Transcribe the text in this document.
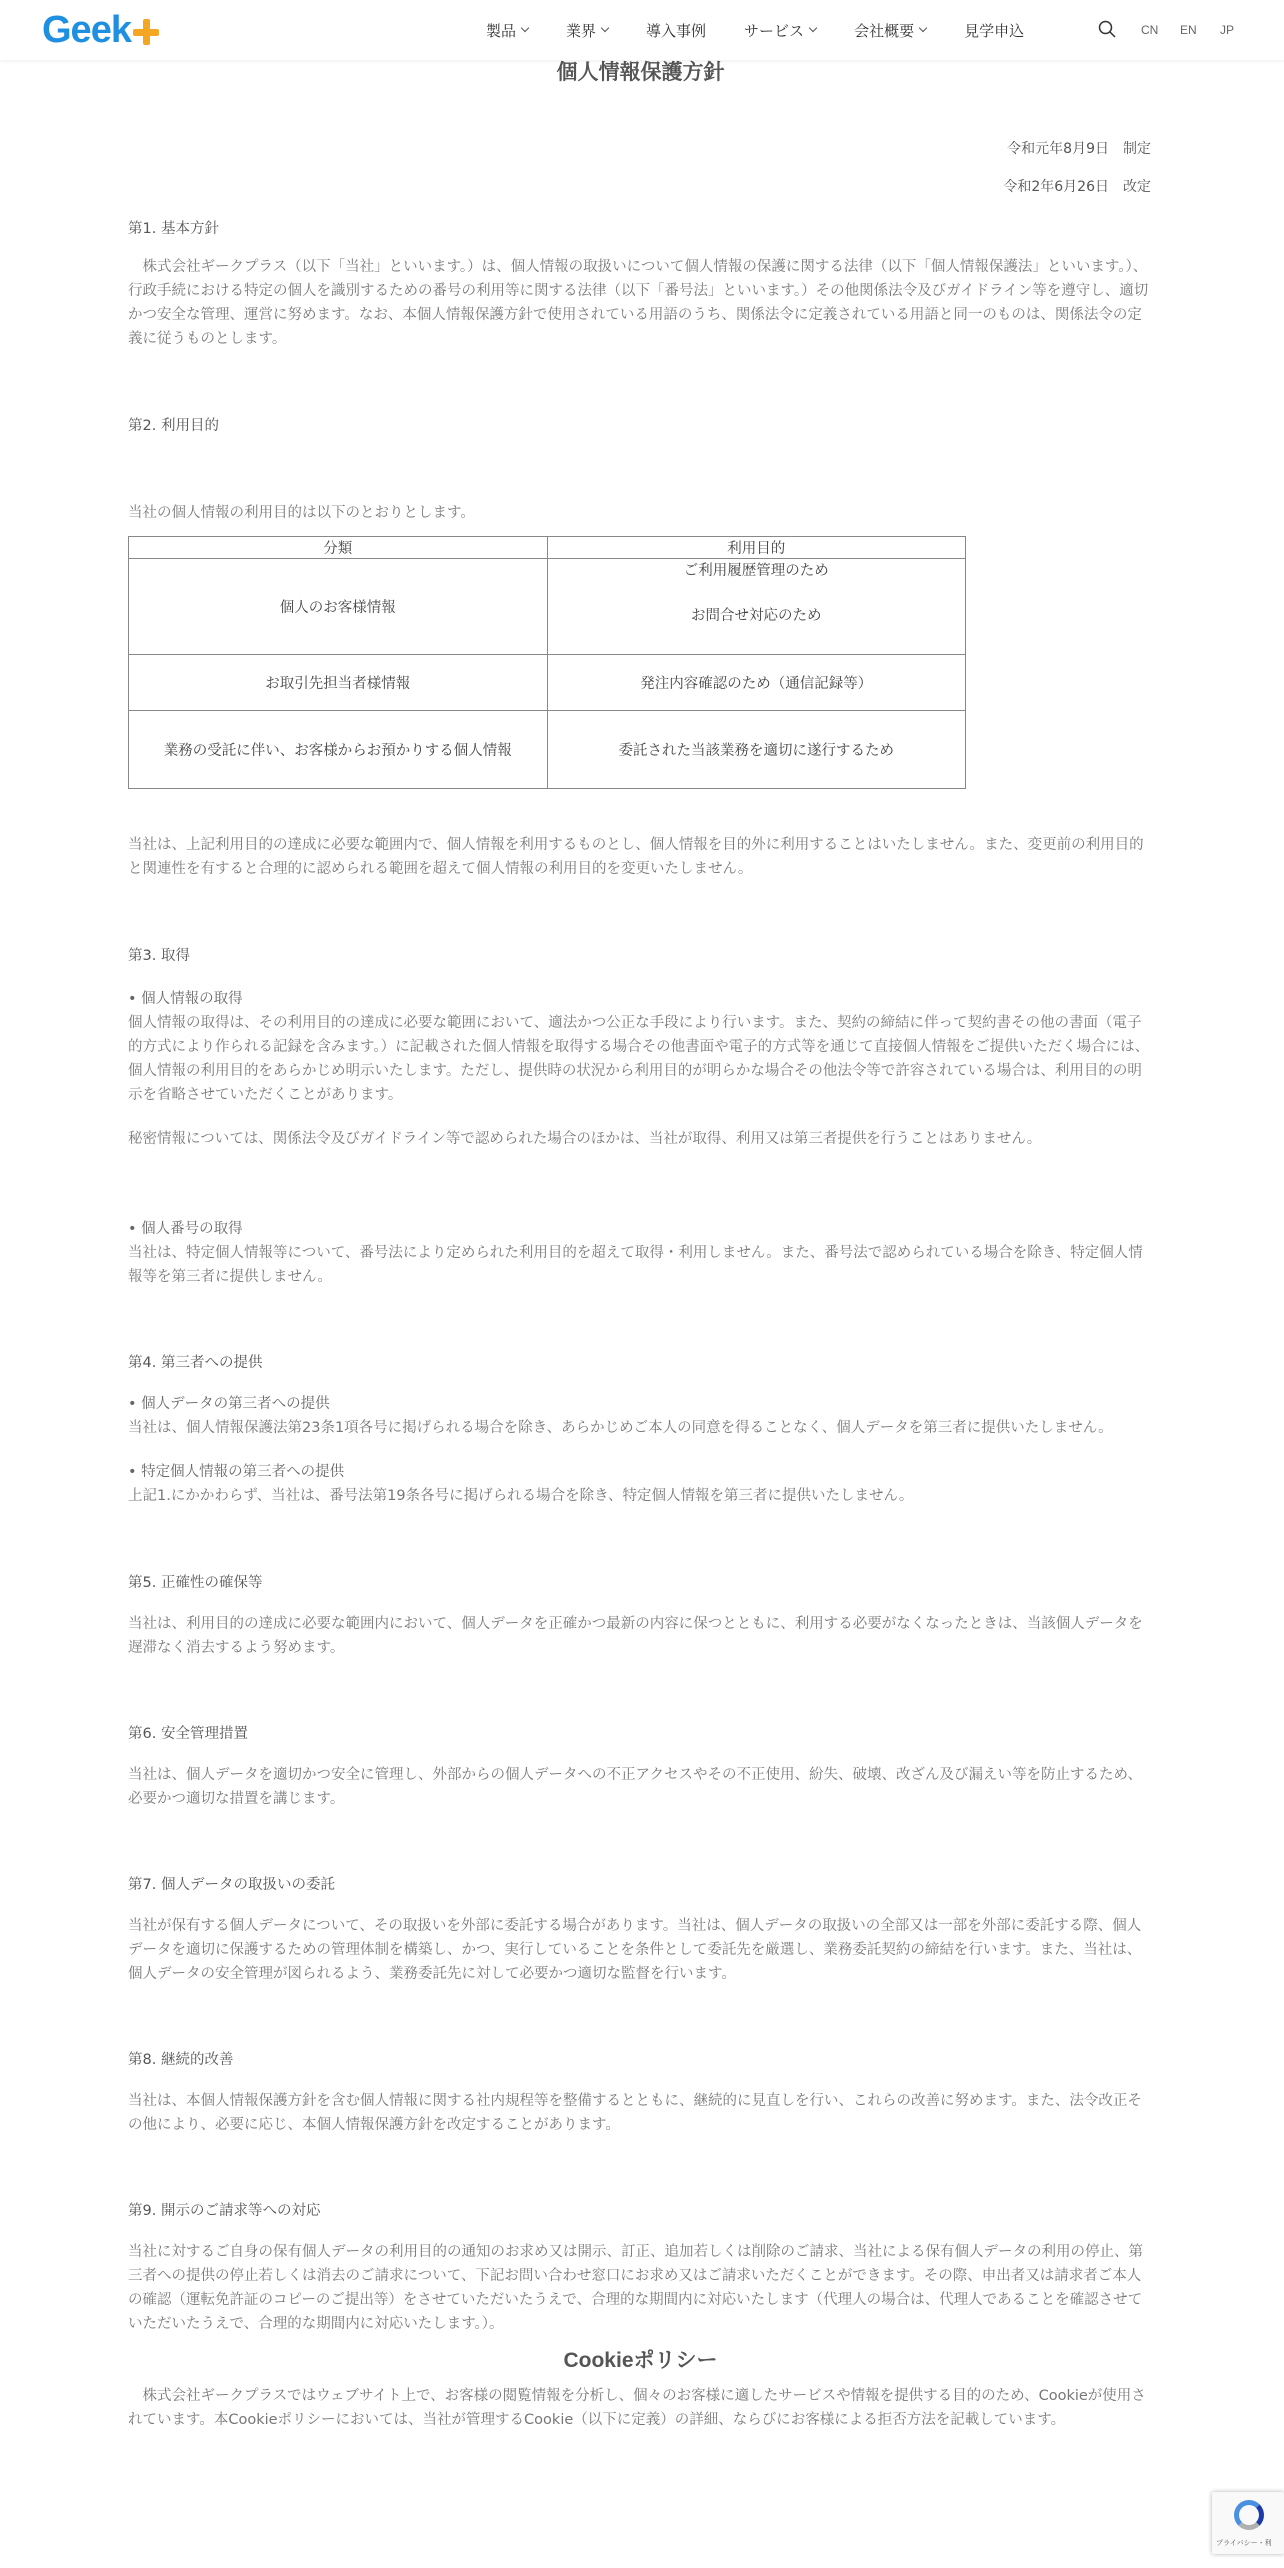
Geek	製品	業界	導入事例	サービス	会社概要	見学申込	CN EN JP
個人情報保護方針

令和元年8月9日　制定

令和2年6月26日　改定

第1. 基本方針

　株式会社ギークプラス（以下「当社」といいます。）は、個人情報の取扱いについて個人情報の保護に関する法律（以下「個人情報保護法」といいます。）、行政手続における特定の個人を識別するための番号の利用等に関する法律（以下「番号法」といいます。）その他関係法令及びガイドライン等を遵守し、適切かつ安全な管理、運営に努めます。なお、本個人情報保護方針で使用されている用語のうち、関係法令に定義されている用語と同一のものは、関係法令の定義に従うものとします。

第2. 利用目的

当社の個人情報の利用目的は以下のとおりとします。

分類	利用目的
個人のお客様情報	ご利用履歴管理のため
お問合せ対応のため

お取引先担当者様情報	発注内容確認のため（通信記録等）
業務の受託に伴い、お客様からお預かりする個人情報	委託された当該業務を適切に遂行するため

当社は、上記利用目的の達成に必要な範囲内で、個人情報を利用するものとし、個人情報を目的外に利用することはいたしません。また、変更前の利用目的と関連性を有すると合理的に認められる範囲を超えて個人情報の利用目的を変更いたしません。

第3. 取得

• 個人情報の取得

個人情報の取得は、その利用目的の達成に必要な範囲において、適法かつ公正な手段により行います。また、契約の締結に伴って契約書その他の書面（電子的方式により作られる記録を含みます。）に記載された個人情報を取得する場合その他書面や電子的方式等を通じて直接個人情報をご提供いただく場合には、個人情報の利用目的をあらかじめ明示いたします。ただし、提供時の状況から利用目的が明らかな場合その他法令等で許容されている場合は、利用目的の明示を省略させていただくことがあります。

秘密情報については、関係法令及びガイドライン等で認められた場合のほかは、当社が取得、利用又は第三者提供を行うことはありません。

• 個人番号の取得

当社は、特定個人情報等について、番号法により定められた利用目的を超えて取得・利用しません。また、番号法で認められている場合を除き、特定個人情報等を第三者に提供しません。

第4. 第三者への提供

• 個人データの第三者への提供

当社は、個人情報保護法第23条1項各号に掲げられる場合を除き、あらかじめご本人の同意を得ることなく、個人データを第三者に提供いたしません。

• 特定個人情報の第三者への提供

上記1.にかかわらず、当社は、番号法第19条各号に掲げられる場合を除き、特定個人情報を第三者に提供いたしません。

第5. 正確性の確保等

当社は、利用目的の達成に必要な範囲内において、個人データを正確かつ最新の内容に保つとともに、利用する必要がなくなったときは、当該個人データを遅滞なく消去するよう努めます。

第6. 安全管理措置

当社は、個人データを適切かつ安全に管理し、外部からの個人データへの不正アクセスやその不正使用、紛失、破壊、改ざん及び漏えい等を防止するため、必要かつ適切な措置を講じます。

第7. 個人データの取扱いの委託

当社が保有する個人データについて、その取扱いを外部に委託する場合があります。当社は、個人データの取扱いの全部又は一部を外部に委託する際、個人データを適切に保護するための管理体制を構築し、かつ、実行していることを条件として委託先を厳選し、業務委託契約の締結を行います。また、当社は、個人データの安全管理が図られるよう、業務委託先に対して必要かつ適切な監督を行います。

第8. 継続的改善

当社は、本個人情報保護方針を含む個人情報に関する社内規程等を整備するとともに、継続的に見直しを行い、これらの改善に努めます。また、法令改正その他により、必要に応じ、本個人情報保護方針を改定することがあります。

第9. 開示のご請求等への対応

当社に対するご自身の保有個人データの利用目的の通知のお求め又は開示、訂正、追加若しくは削除のご請求、当社による保有個人データの利用の停止、第三者への提供の停止若しくは消去のご請求について、下記お問い合わせ窓口にお求め又はご請求いただくことができます。その際、申出者又は請求者ご本人の確認（運転免許証のコピーのご提出等）をさせていただいたうえで、合理的な期間内に対応いたします（代理人の場合は、代理人であることを確認させていただいたうえで、合理的な期間内に対応いたします。）。

Cookieポリシー

　株式会社ギークプラスではウェブサイト上で、お客様の閲覧情報を分析し、個々のお客様に適したサービスや情報を提供する目的のため、Cookieが使用されています。本Cookieポリシーにおいては、当社が管理するCookie（以下に定義）の詳細、ならびにお客様による拒否方法を記載しています。

プライバシー・利
